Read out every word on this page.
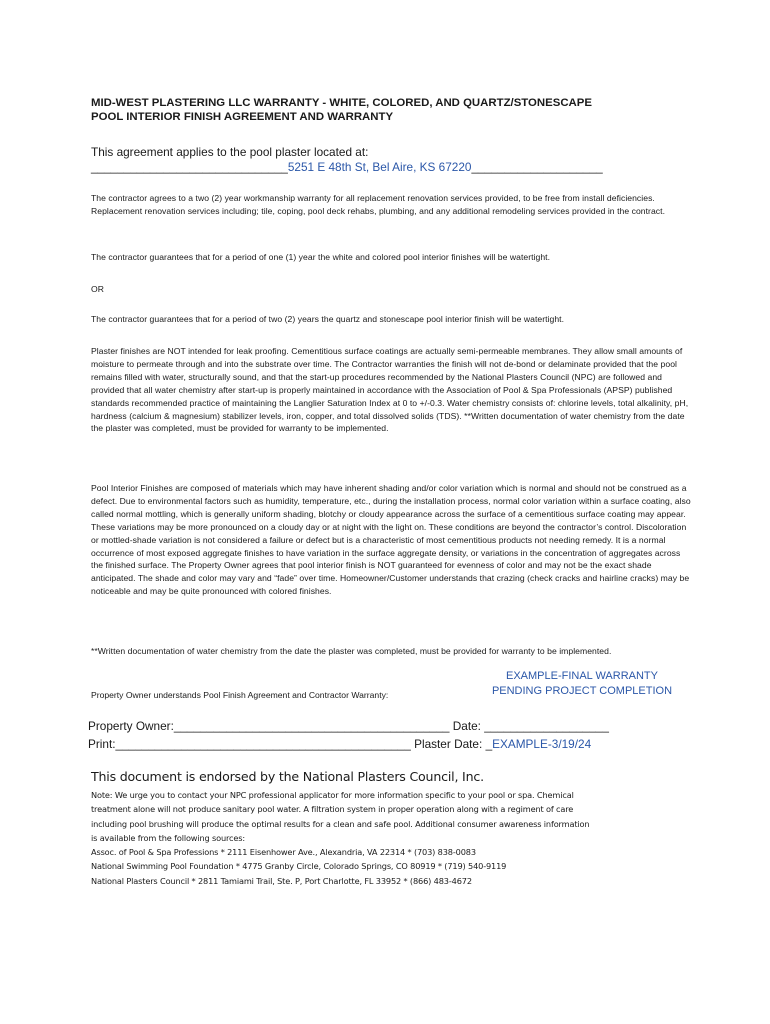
MID-WEST PLASTERING LLC WARRANTY - WHITE, COLORED, AND QUARTZ/STONESCAPE
POOL INTERIOR FINISH AGREEMENT AND WARRANTY
This agreement applies to the pool plaster located at:
______________________________5251 E 48th St, Bel Aire, KS 67220____________________
The contractor agrees to a two (2) year workmanship warranty for all replacement renovation services provided, to be free from install deficiencies. Replacement renovation services including; tile, coping, pool deck rehabs, plumbing, and any additional remodeling services provided in the contract.
The contractor guarantees that for a period of one (1) year the white and colored pool interior finishes will be watertight.
OR
The contractor guarantees that for a period of two (2) years the quartz and stonescape pool interior finish will be watertight.
Plaster finishes are NOT intended for leak proofing. Cementitious surface coatings are actually semi-permeable membranes. They allow small amounts of moisture to permeate through and into the substrate over time. The Contractor warranties the finish will not de-bond or delaminate provided that the pool remains filled with water, structurally sound, and that the start-up procedures recommended by the National Plasters Council (NPC) are followed and provided that all water chemistry after start-up is properly maintained in accordance with the Association of Pool & Spa Professionals (APSP) published standards recommended practice of maintaining the Langlier Saturation Index at 0 to +/-0.3. Water chemistry consists of: chlorine levels, total alkalinity, pH, hardness (calcium & magnesium) stabilizer levels, iron, copper, and total dissolved solids (TDS). **Written documentation of water chemistry from the date the plaster was completed, must be provided for warranty to be implemented.
Pool Interior Finishes are composed of materials which may have inherent shading and/or color variation which is normal and should not be construed as a defect. Due to environmental factors such as humidity, temperature, etc., during the installation process, normal color variation within a surface coating, also called normal mottling, which is generally uniform shading, blotchy or cloudy appearance across the surface of a cementitious surface coating may appear. These variations may be more pronounced on a cloudy day or at night with the light on. These conditions are beyond the contractor’s control. Discoloration or mottled-shade variation is not considered a failure or defect but is a characteristic of most cementitious products not needing remedy. It is a normal occurrence of most exposed aggregate finishes to have variation in the surface aggregate density, or variations in the concentration of aggregates across the finished surface. The Property Owner agrees that pool interior finish is NOT guaranteed for evenness of color and may not be the exact shade anticipated. The shade and color may vary and “fade” over time. Homeowner/Customer understands that crazing (check cracks and hairline cracks) may be noticeable and may be quite pronounced with colored finishes.
**Written documentation of water chemistry from the date the plaster was completed, must be provided for warranty to be implemented.
EXAMPLE-FINAL WARRANTY
PENDING PROJECT COMPLETION
Property Owner understands Pool Finish Agreement and Contractor Warranty:
Property Owner:__________________________________________ Date: ___________________
Print:_____________________________________________ Plaster Date: _EXAMPLE-3/19/24
This document is endorsed by the National Plasters Council, Inc.
Note: We urge you to contact your NPC professional applicator for more information specific to your pool or spa. Chemical
treatment alone will not produce sanitary pool water. A filtration system in proper operation along with a regiment of care
including pool brushing will produce the optimal results for a clean and safe pool. Additional consumer awareness information
is available from the following sources:
Assoc. of Pool & Spa Professions * 2111 Eisenhower Ave., Alexandria, VA 22314 * (703) 838-0083
National Swimming Pool Foundation * 4775 Granby Circle, Colorado Springs, CO 80919 * (719) 540-9119
National Plasters Council * 2811 Tamiami Trail, Ste. P, Port Charlotte, FL 33952 * (866) 483-4672
